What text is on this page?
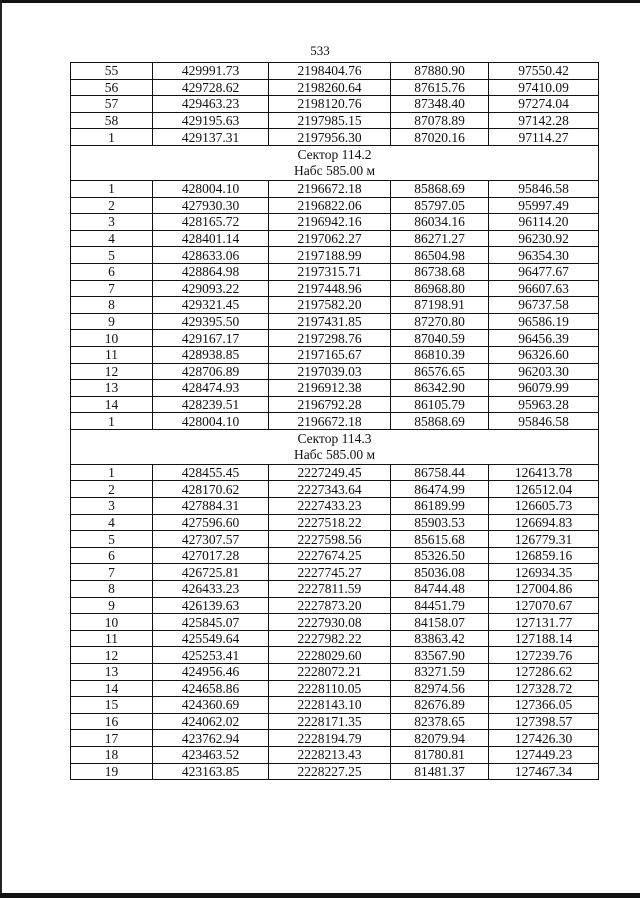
533
55	429991.73	2198404.76	87880.90	97550.42
56	429728.62	2198260.64	87615.76	97410.09
57	429463.23	2198120.76	87348.40	97274.04
58	429195.63	2197985.15	87078.89	97142.28
1	429137.31	2197956.30	87020.16	97114.27

Сектор 114.2
Набс 585.00 м				

1	428004.10	2196672.18	85868.69	95846.58
2	427930.30	2196822.06	85797.05	95997.49
3	428165.72	2196942.16	86034.16	96114.20
4	428401.14	2197062.27	86271.27	96230.92
5	428633.06	2197188.99	86504.98	96354.30
6	428864.98	2197315.71	86738.68	96477.67
7	429093.22	2197448.96	86968.80	96607.63
8	429321.45	2197582.20	87198.91	96737.58
9	429395.50	2197431.85	87270.80	96586.19
10	429167.17	2197298.76	87040.59	96456.39
11	428938.85	2197165.67	86810.39	96326.60
12	428706.89	2197039.03	86576.65	96203.30
13	428474.93	2196912.38	86342.90	96079.99
14	428239.51	2196792.28	86105.79	95963.28
1	428004.10	2196672.18	85868.69	95846.58

Сектор 114.3
Набс 585.00 м				

1	428455.45	2227249.45	86758.44	126413.78
2	428170.62	2227343.64	86474.99	126512.04
3	427884.31	2227433.23	86189.99	126605.73
4	427596.60	2227518.22	85903.53	126694.83
5	427307.57	2227598.56	85615.68	126779.31
6	427017.28	2227674.25	85326.50	126859.16
7	426725.81	2227745.27	85036.08	126934.35
8	426433.23	2227811.59	84744.48	127004.86
9	426139.63	2227873.20	84451.79	127070.67
10	425845.07	2227930.08	84158.07	127131.77
11	425549.64	2227982.22	83863.42	127188.14
12	425253.41	2228029.60	83567.90	127239.76
13	424956.46	2228072.21	83271.59	127286.62
14	424658.86	2228110.05	82974.56	127328.72
15	424360.69	2228143.10	82676.89	127366.05
16	424062.02	2228171.35	82378.65	127398.57
17	423762.94	2228194.79	82079.94	127426.30
18	423463.52	2228213.43	81780.81	127449.23
19	423163.85	2228227.25	81481.37	127467.34
